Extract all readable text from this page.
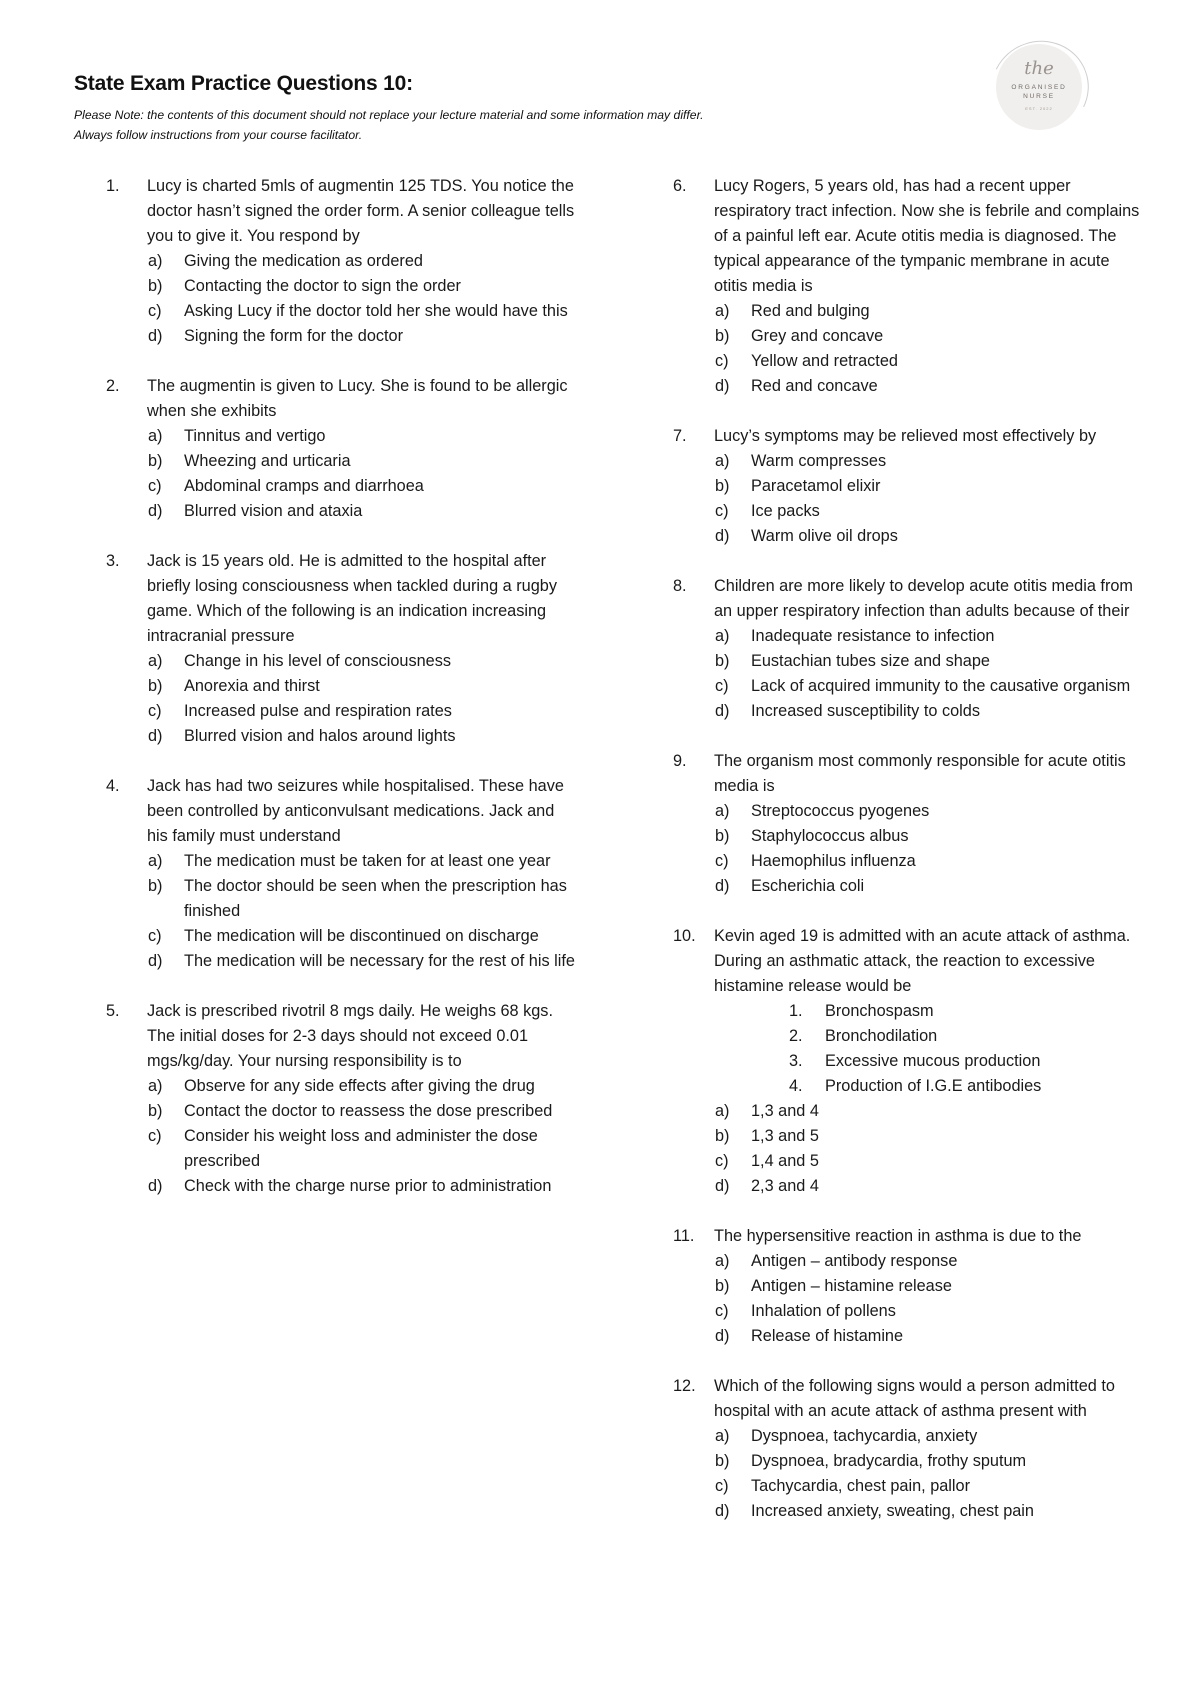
State Exam Practice Questions 10:
Please Note: the contents of this document should not replace your lecture material and some information may differ.
Always follow instructions from your course facilitator.
the
ORGANISED
NURSE
EST. 2022
1. Lucy is charted 5mls of augmentin 125 TDS. You notice the doctor hasn’t signed the order form. A senior colleague tells you to give it. You respond by
a) Giving the medication as ordered
b) Contacting the doctor to sign the order
c) Asking Lucy if the doctor told her she would have this
d) Signing the form for the doctor
2. The augmentin is given to Lucy. She is found to be allergic when she exhibits
a) Tinnitus and vertigo
b) Wheezing and urticaria
c) Abdominal cramps and diarrhoea
d) Blurred vision and ataxia
3. Jack is 15 years old. He is admitted to the hospital after briefly losing consciousness when tackled during a rugby game. Which of the following is an indication increasing intracranial pressure
a) Change in his level of consciousness
b) Anorexia and thirst
c) Increased pulse and respiration rates
d) Blurred vision and halos around lights
4. Jack has had two seizures while hospitalised. These have been controlled by anticonvulsant medications. Jack and his family must understand
a) The medication must be taken for at least one year
b) The doctor should be seen when the prescription has finished
c) The medication will be discontinued on discharge
d) The medication will be necessary for the rest of his life
5. Jack is prescribed rivotril 8 mgs daily. He weighs 68 kgs. The initial doses for 2-3 days should not exceed 0.01 mgs/kg/day. Your nursing responsibility is to
a) Observe for any side effects after giving the drug
b) Contact the doctor to reassess the dose prescribed
c) Consider his weight loss and administer the dose prescribed
d) Check with the charge nurse prior to administration
6. Lucy Rogers, 5 years old, has had a recent upper respiratory tract infection. Now she is febrile and complains of a painful left ear. Acute otitis media is diagnosed. The typical appearance of the tympanic membrane in acute otitis media is
a) Red and bulging
b) Grey and concave
c) Yellow and retracted
d) Red and concave
7. Lucy’s symptoms may be relieved most effectively by
a) Warm compresses
b) Paracetamol elixir
c) Ice packs
d) Warm olive oil drops
8. Children are more likely to develop acute otitis media from an upper respiratory infection than adults because of their
a) Inadequate resistance to infection
b) Eustachian tubes size and shape
c) Lack of acquired immunity to the causative organism
d) Increased susceptibility to colds
9. The organism most commonly responsible for acute otitis media is
a) Streptococcus pyogenes
b) Staphylococcus albus
c) Haemophilus influenza
d) Escherichia coli
10. Kevin aged 19 is admitted with an acute attack of asthma. During an asthmatic attack, the reaction to excessive histamine release would be
1. Bronchospasm
2. Bronchodilation
3. Excessive mucous production
4. Production of I.G.E antibodies
a) 1,3 and 4
b) 1,3 and 5
c) 1,4 and 5
d) 2,3 and 4
11. The hypersensitive reaction in asthma is due to the
a) Antigen – antibody response
b) Antigen – histamine release
c) Inhalation of pollens
d) Release of histamine
12. Which of the following signs would a person admitted to hospital with an acute attack of asthma present with
a) Dyspnoea, tachycardia, anxiety
b) Dyspnoea, bradycardia, frothy sputum
c) Tachycardia, chest pain, pallor
d) Increased anxiety, sweating, chest pain
